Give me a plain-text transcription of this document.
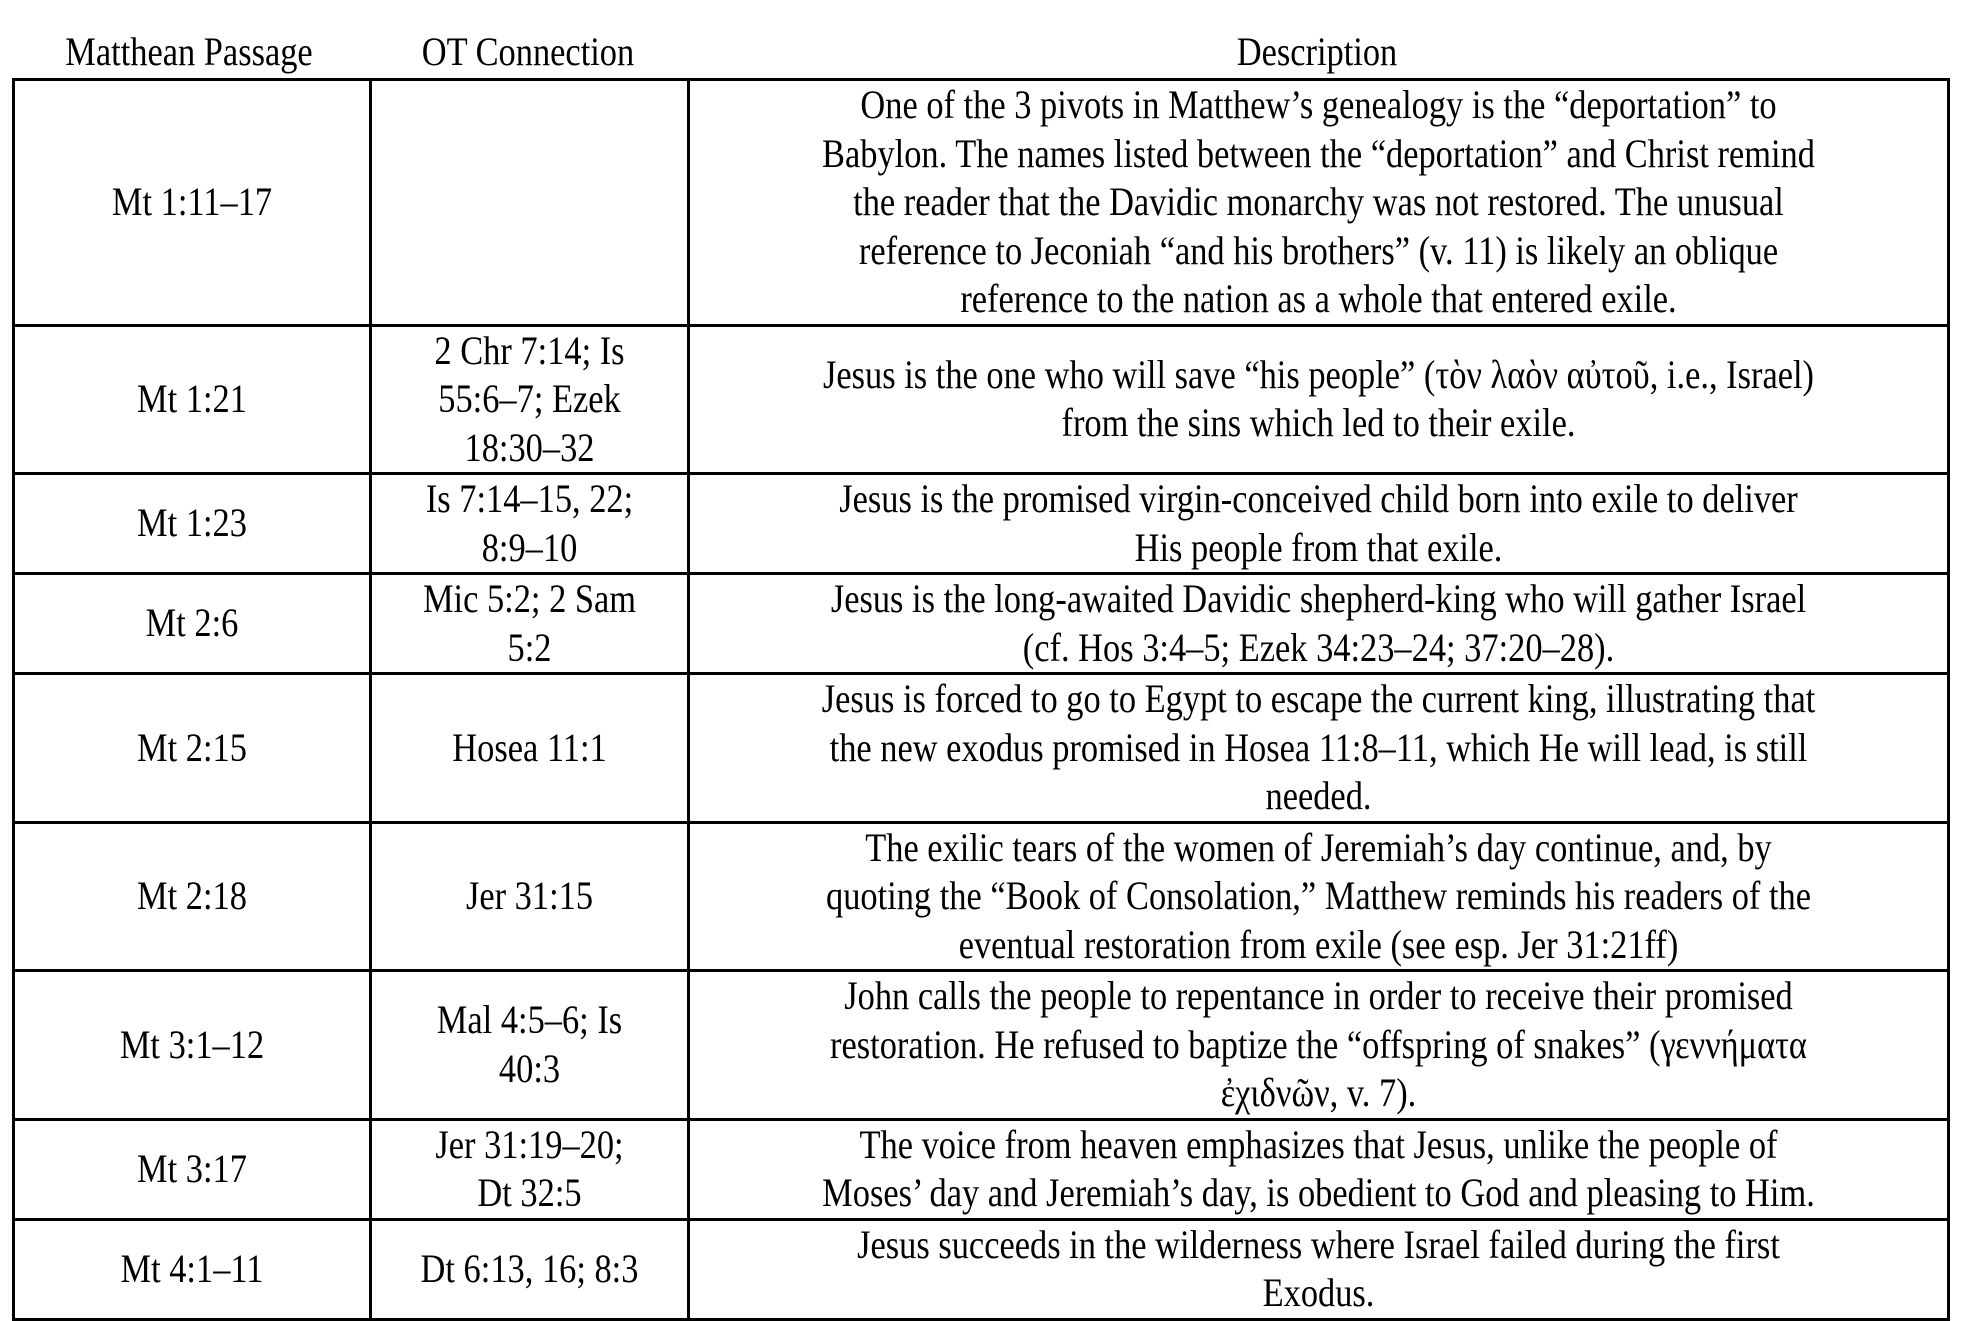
Matthean Passage	OT Connection	Description
Mt 1:11–17		One of the 3 pivots in Matthew’s genealogy is the “deportation” to
Babylon. The names listed between the “deportation” and Christ remind
the reader that the Davidic monarchy was not restored. The unusual
reference to Jeconiah “and his brothers” (v. 11) is likely an oblique
reference to the nation as a whole that entered exile.

Mt 1:21	2 Chr 7:14; Is
55:6–7; Ezek
18:30–32	Jesus is the one who will save “his people” (τὸν λαὸν αὐτοῦ, i.e., Israel)
from the sins which led to their exile.

Mt 1:23	Is 7:14–15, 22;
8:9–10	Jesus is the promised virgin-conceived child born into exile to deliver
His people from that exile.

Mt 2:6	Mic 5:2; 2 Sam
5:2	Jesus is the long-awaited Davidic shepherd-king who will gather Israel
(cf. Hos 3:4–5; Ezek 34:23–24; 37:20–28).

Mt 2:15	Hosea 11:1	Jesus is forced to go to Egypt to escape the current king, illustrating that
the new exodus promised in Hosea 11:8–11, which He will lead, is still
needed.

Mt 2:18	Jer 31:15	The exilic tears of the women of Jeremiah’s day continue, and, by
quoting the “Book of Consolation,” Matthew reminds his readers of the
eventual restoration from exile (see esp. Jer 31:21ff)

Mt 3:1–12	Mal 4:5–6; Is
40:3	John calls the people to repentance in order to receive their promised
restoration. He refused to baptize the “offspring of snakes” (γεννήματα
ἐχιδνῶν, v. 7).

Mt 3:17	Jer 31:19–20;
Dt 32:5	The voice from heaven emphasizes that Jesus, unlike the people of
Moses’ day and Jeremiah’s day, is obedient to God and pleasing to Him.

Mt 4:1–11	Dt 6:13, 16; 8:3	Jesus succeeds in the wilderness where Israel failed during the first
Exodus.
